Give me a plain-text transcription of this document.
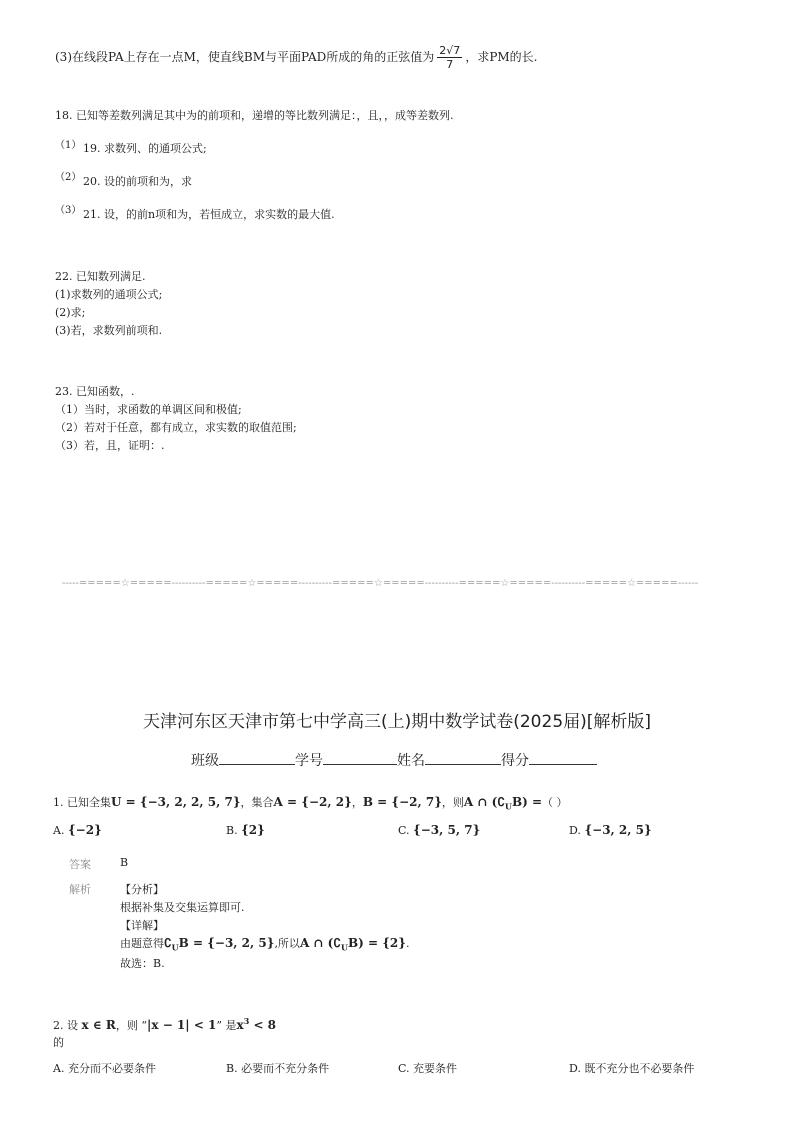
(3)在线段PA上存在一点M，使直线BM与平面PAD所成的角的正弦值为 $\frac{2√7}{7}$ ，求PM的长.
18. 已知等差数列满足其中为的前项和，递增的等比数列满足：，且，，成等差数列.
（1） 19. 求数列、的通项公式;
（2） 20. 设的前项和为，求
（3） 21. 设，的前n项和为，若恒成立，求实数的最大值.
22. 已知数列满足.
(1)求数列的通项公式;
(2)求;
(3)若，求数列前项和.
23. 已知函数，.
（1）当时，求函数的单调区间和极值;
（2）若对于任意，都有成立，求实数的取值范围;
（3）若，且，证明：.
-----=====☆=====----------=====☆=====----------=====☆=====----------=====☆=====----------=====☆=====------
天津河东区天津市第七中学高三(上)期中数学试卷(2025届)[解析版]
班级	学号	姓名	得分
1. 已知全集U = {−3, 2, 2, 5, 7}，集合A = {−2, 2}，B = {−2, 7}，则A ∩ $(∁_UB)$ =（ ）
A. {−2}	B. {2}	C. {−3, 5, 7}	D. {−3, 2, 5}
答案	B
解析	【分析】
根据补集及交集运算即可.
【详解】
由题意得$∁_UB = \{-3$, 2, 5},所以A ∩ $(∁_UB) = \{2\}$.
故选：B.
2. 设 x ∈ R，则 “|x − 1| < 1” 是$x^3 < 8$
的
A. 充分而不必要条件	B. 必要而不充分条件	C. 充要条件	D. 既不充分也不必要条件
